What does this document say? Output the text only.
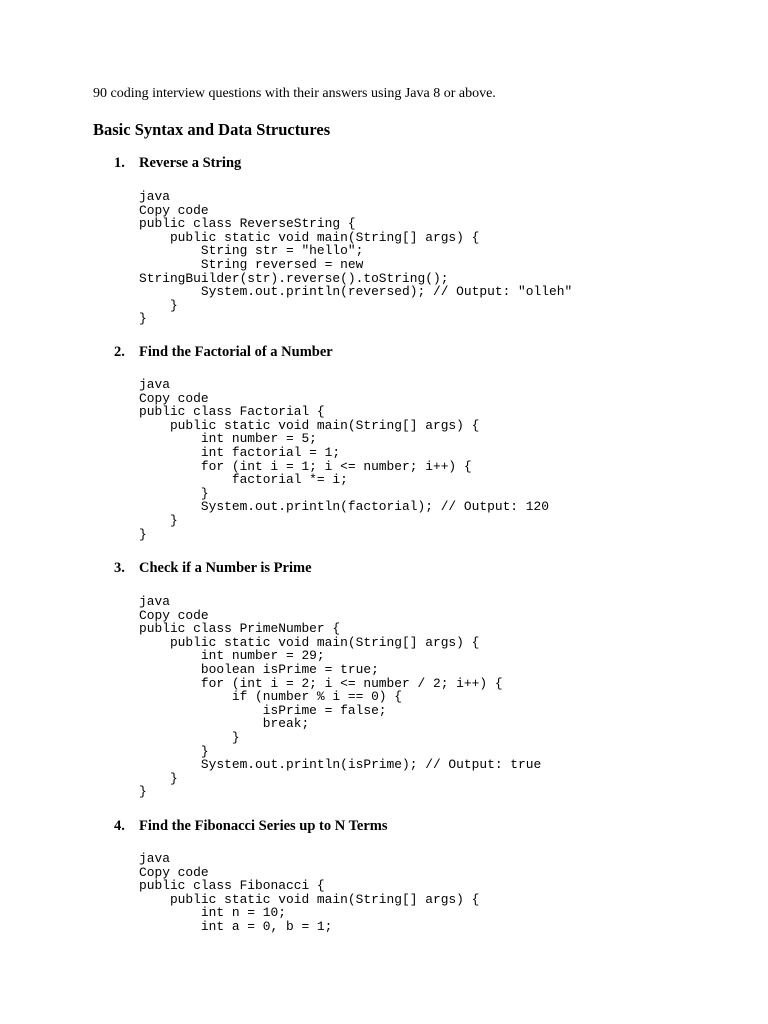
90 coding interview questions with their answers using Java 8 or above.

Basic Syntax and Data Structures
1. Reverse a String
java
Copy code
public class ReverseString {
public static void main(String[] args) {
String str = "hello";
String reversed = new
StringBuilder(str).reverse().toString();
System.out.println(reversed); // Output: "olleh"
}
}
2. Find the Factorial of a Number
java
Copy code
public class Factorial {
public static void main(String[] args) {
int number = 5;
int factorial = 1;
for (int i = 1; i <= number; i++) {
factorial *= i;
}
System.out.println(factorial); // Output: 120
}
}
3. Check if a Number is Prime
java
Copy code
public class PrimeNumber {
public static void main(String[] args) {
int number = 29;
boolean isPrime = true;
for (int i = 2; i <= number / 2; i++) {
if (number % i == 0) {
isPrime = false;
break;
}
}
System.out.println(isPrime); // Output: true
}
}
4. Find the Fibonacci Series up to N Terms
java
Copy code
public class Fibonacci {
public static void main(String[] args) {
int n = 10;
int a = 0, b = 1;
